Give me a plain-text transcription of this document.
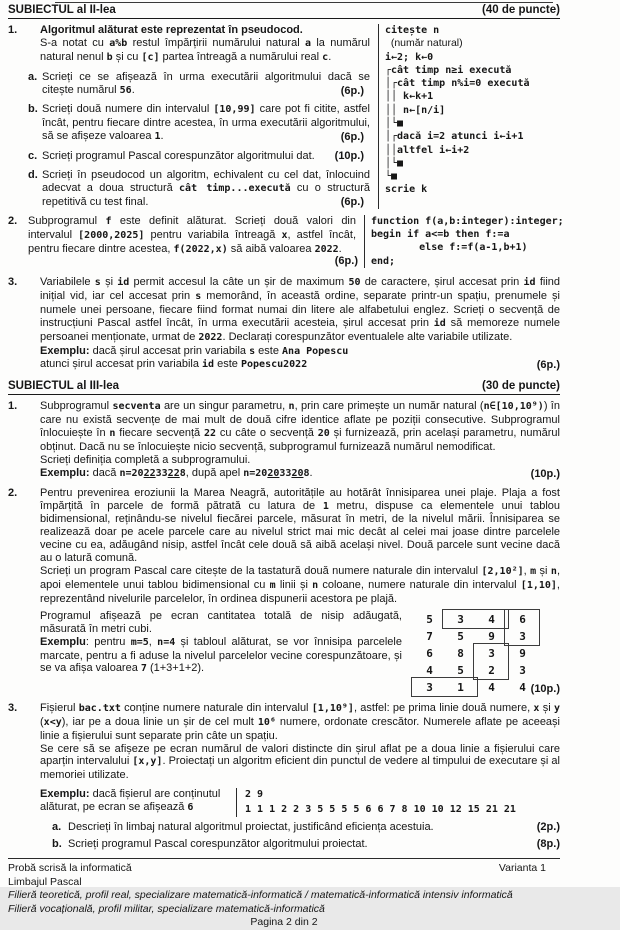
SUBIECTUL al II-lea	(40 de puncte)
1.	Algoritmul alăturat este reprezentat în pseudocod.
S-a notat cu a%b restul împărțirii numărului natural a la numărul natural nenul b și cu [c] partea întreagă a numărului real c.
a. Scrieți ce se afișează în urma executării algoritmului dacă se citește numărul 56.	(6p.)
b. Scrieți două numere din intervalul [10,99] care pot fi citite, astfel încât, pentru fiecare dintre acestea, în urma executării algoritmului, să se afișeze valoarea 1.	(6p.)
c. Scrieți programul Pascal corespunzător algoritmului dat.	(10p.)
d. Scrieți în pseudocod un algoritm, echivalent cu cel dat, înlocuind adecvat a doua structură cât timp...execută cu o structură repetitivă cu test final.	(6p.)
citește n
(număr natural)
i←2; k←0
┌cât timp n≥i execută
│┌cât timp n%i=0 execută
││ k←k+1
││ n←[n/i]
│└■
│┌dacă i=2 atunci i←i+1
││altfel i←i+2
│└■
└■
scrie k
2. Subprogramul f este definit alăturat. Scrieți două valori din intervalul [2000,2025] pentru variabila întreagă x, astfel încât, pentru fiecare dintre acestea, f(2022,x) să aibă valoarea 2022.
(6p.)
function f(a,b:integer):integer;
begin if a<=b then f:=a
else f:=f(a-1,b+1)
end;
3.	Variabilele s și id permit accesul la câte un șir de maximum 50 de caractere, șirul accesat prin id fiind inițial vid, iar cel accesat prin s memorând, în această ordine, separate printr-un spațiu, prenumele și numele unei persoane, fiecare fiind format numai din litere ale alfabetului englez. Scrieți o secvență de instrucțiuni Pascal astfel încât, în urma executării acesteia, șirul accesat prin id să memoreze numele persoanei menționate, urmat de 2022. Declarați corespunzător eventualele alte variabile utilizate.
Exemplu: dacă șirul accesat prin variabila s este Ana Popescu
atunci șirul accesat prin variabila id este Popescu2022	(6p.)
SUBIECTUL al III-lea	(30 de puncte)
1.	Subprogramul secventa are un singur parametru, n, prin care primește un număr natural (n∈[10,10⁹)) în care nu există secvențe de mai mult de două cifre identice aflate pe poziții consecutive. Subprogramul înlocuiește în n fiecare secvență 22 cu câte o secvență 20 și furnizează, prin același parametru, numărul obținut. Dacă nu se înlocuiește nicio secvență, subprogramul furnizează numărul nemodificat.
Scrieți definiția completă a subprogramului.
Exemplu: dacă n=202233228, după apel n=202033208.	(10p.)
2.	Pentru prevenirea eroziunii la Marea Neagră, autoritățile au hotărât înnisiparea unei plaje. Plaja a fost împărțită în parcele de formă pătrată cu latura de 1 metru, dispuse ca elementele unui tablou bidimensional, reținându-se nivelul fiecărei parcele, măsurat în metri, de la nivelul mării. Înnisiparea se realizează doar pe acele parcele care au nivelul strict mai mic decât al celei mai joase dintre parcelele vecine cu ea, adăugând nisip, astfel încât cele două să aibă același nivel. Două parcele sunt vecine dacă au o latură comună.
Scrieți un program Pascal care citește de la tastatură două numere naturale din intervalul [2,10²], m și n, apoi elementele unui tablou bidimensional cu m linii și n coloane, numere naturale din intervalul [1,10], reprezentând nivelurile parcelelor, în ordinea dispunerii acestora pe plajă.
Programul afișează pe ecran cantitatea totală de nisip adăugată, măsurată în metri cubi.
Exemplu: pentru m=5, n=4 și tabloul alăturat, se vor înnisipa parcelele marcate, pentru a fi aduse la nivelul parcelelor vecine corespunzătoare, și se va afișa valoarea 7 (1+3+1+2).
5	3	4	6
7	5	9	3
6	8	3	9
4	5	2	3
3	1	4	4 (10p.)
3.	Fișierul bac.txt conține numere naturale din intervalul [1,10⁹], astfel: pe prima linie două numere, x și y (x<y), iar pe a doua linie un șir de cel mult 10⁶ numere, ordonate crescător. Numerele aflate pe aceeași linie a fișierului sunt separate prin câte un spațiu.
Se cere să se afișeze pe ecran numărul de valori distincte din șirul aflat pe a doua linie a fișierului care aparțin intervalului [x,y]. Proiectați un algoritm eficient din punctul de vedere al timpului de executare și al memoriei utilizate.
Exemplu: dacă fișierul are conținutul
alăturat, pe ecran se afișează 6
2 9
1 1 1 2 2 3 5 5 5 5 6 6 7 8 10 10 12 15 21 21
a. Descrieți în limbaj natural algoritmul proiectat, justificând eficiența acestuia.	(2p.)
b. Scrieți programul Pascal corespunzător algoritmului proiectat.	(8p.)
Probă scrisă la informatică	Varianta 1
Limbajul Pascal
Filieră teoretică, profil real, specializare matematică-informatică / matematică-informatică intensiv informatică
Filieră vocațională, profil militar, specializare matematică-informatică
Pagina 2 din 2
